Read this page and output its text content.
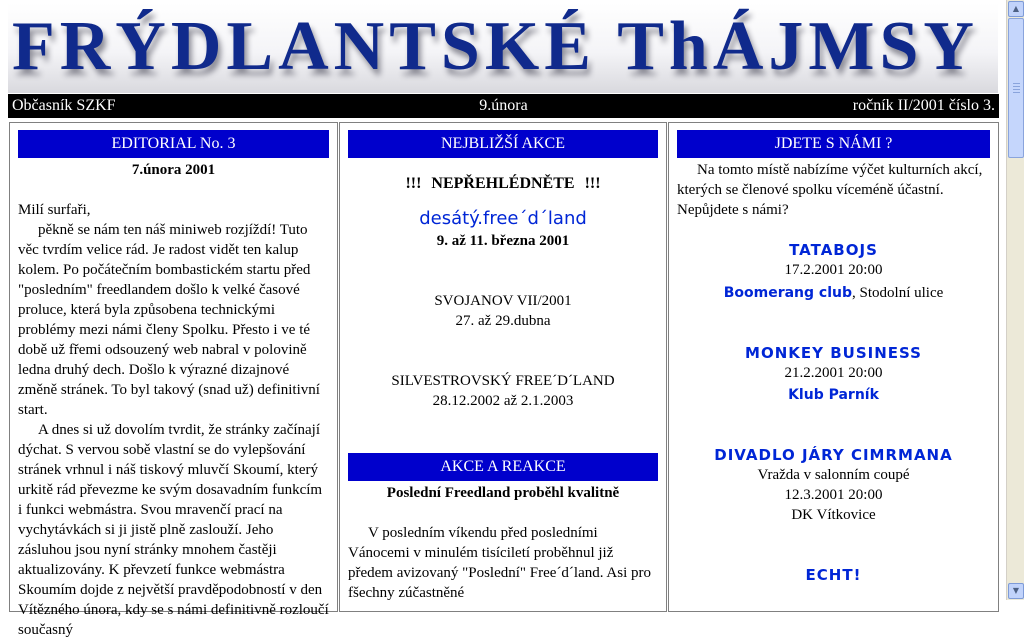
FRÝDLANTSKÉ ThÁJMSY
9.února
Občasník SZKF	ročník II/2001 číslo 3.
EDITORIAL No. 3
7.února 2001
Milí surfaři,
pěkně se nám ten náš miniweb rozjíždí! Tuto věc tvrdím velice rád. Je radost vidět ten kalup kolem. Po počátečním bombastickém startu před "posledním" freedlandem došlo k velké časové proluce, která byla způsobena technickými problémy mezi námi členy Spolku. Přesto i ve té době už fřemi odsouzený web nabral v polovině ledna druhý dech. Došlo k výrazné dizajnové změně stránek. To byl takový (snad už) definitivní start.
A dnes si už dovolím tvrdit, že stránky začínají dýchat. S vervou sobě vlastní se do vylepšování stránek vrhnul i náš tiskový mluvčí Skoumí, který urkitě rád převezme ke svým dosavadním funkcím i funkci webmástra. Svou mravenčí prací na vychytávkách si ji jistě plně zaslouží. Jeho zásluhou jsou nyní stránky mnohem častěji aktualizovány. K převzetí funkce webmástra Skoumím dojde z největší pravděpodobností v den Vítězného února, kdy se s námi definitivně rozloučí současný
NEJBLIŽŠÍ AKCE
!!! NEPŘEHLÉDNĚTE !!!
desátý.free´d´land
9. až 11. března 2001
SVOJANOV VII/2001
27. až 29.dubna
SILVESTROVSKÝ FREE´D´LAND
28.12.2002 až 2.1.2003
AKCE A REAKCE
Poslední Freedland proběhl kvalitně
V posledním víkendu před posledními Vánocemi v minulém tisíciletí proběhnul již předem avizovaný "Poslední" Free´d´land. Asi pro fšechny zúčastněné
JDETE S NÁMI ?
Na tomto místě nabízíme výčet kulturních akcí, kterých se členové spolku víceméně účastní. Nepůjdete s námi?
TATABOJS
17.2.2001 20:00
Boomerang club, Stodolní ulice
MONKEY BUSINESS
21.2.2001 20:00
Klub Parník
DIVADLO JÁRY CIMRMANA
Vražda v salonním coupé
12.3.2001 20:00
DK Vítkovice
ECHT!
▲
▼
